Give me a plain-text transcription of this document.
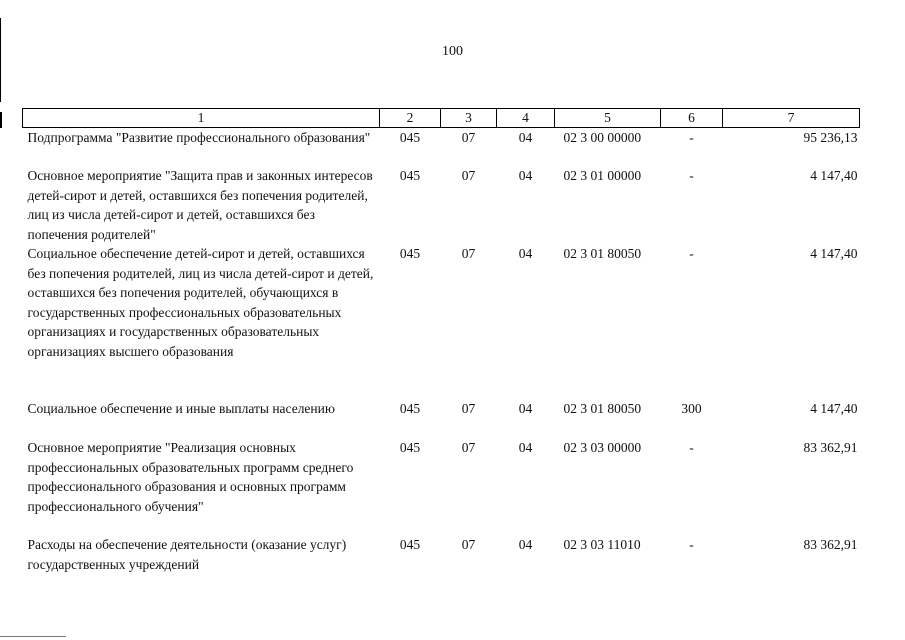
100
1	2	3	4	5	6	7
Подпрограмма "Развитие профессионального образования"	045	07	04	02 3 00 00000	-	95 236,13
Основное мероприятие "Защита прав и законных интересов детей-сирот и детей, оставшихся без попечения родителей, лиц из числа детей-сирот и детей, оставшихся без попечения родителей"	045	07	04	02 3 01 00000	-	4 147,40
Социальное обеспечение детей-сирот и детей, оставшихся без попечения родителей, лиц из числа детей-сирот и детей, оставшихся без попечения родителей, обучающихся в государственных профессиональных образовательных организациях и государственных образовательных организациях высшего образования	045	07	04	02 3 01 80050	-	4 147,40
Социальное обеспечение и иные выплаты населению	045	07	04	02 3 01 80050	300	4 147,40
Основное мероприятие "Реализация основных профессиональных образовательных программ среднего профессионального образования и основных программ профессионального обучения"	045	07	04	02 3 03 00000	-	83 362,91
Расходы на обеспечение деятельности (оказание услуг) государственных учреждений	045	07	04	02 3 03 11010	-	83 362,91
